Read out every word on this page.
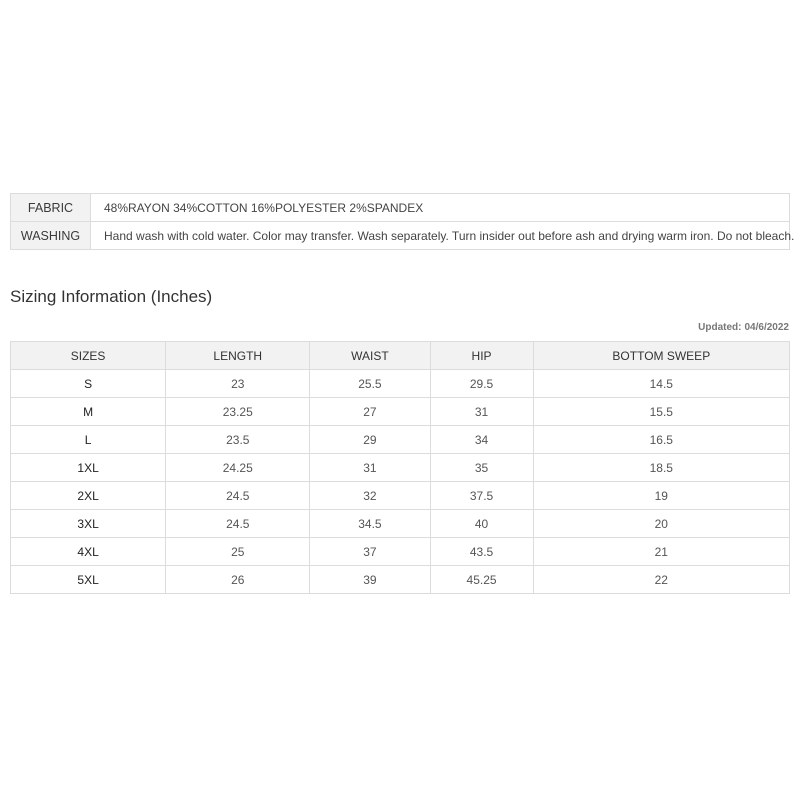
FABRIC	48%RAYON 34%COTTON 16%POLYESTER 2%SPANDEX
WASHING	Hand wash with cold water. Color may transfer. Wash separately. Turn insider out before ash and drying warm iron. Do not bleach.
Sizing Information (Inches)
Updated: 04/6/2022
SIZES	LENGTH	WAIST	HIP	BOTTOM SWEEP
S	23	25.5	29.5	14.5
M	23.25	27	31	15.5
L	23.5	29	34	16.5
1XL	24.25	31	35	18.5
2XL	24.5	32	37.5	19
3XL	24.5	34.5	40	20
4XL	25	37	43.5	21
5XL	26	39	45.25	22
